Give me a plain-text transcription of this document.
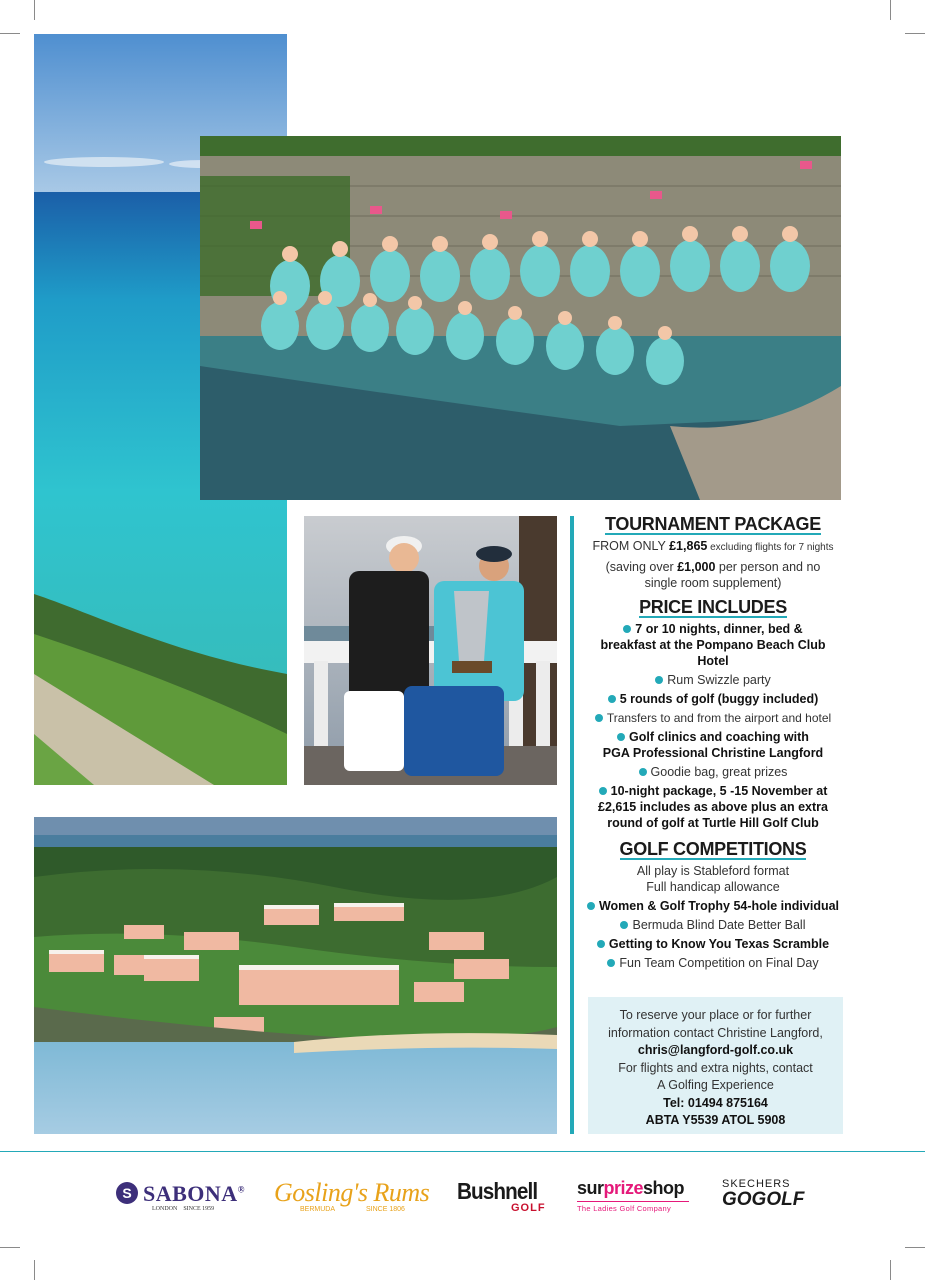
TOURNAMENT PACKAGE
FROM ONLY £1,865 excluding flights for 7 nights
(saving over £1,000 per person and no single room supplement)
PRICE INCLUDES
7 or 10 nights, dinner, bed & breakfast at the Pompano Beach Club Hotel
Rum Swizzle party
5 rounds of golf (buggy included)
Transfers to and from the airport and hotel
Golf clinics and coaching with PGA Professional Christine Langford
Goodie bag, great prizes
10-night package, 5 -15 November at £2,615 includes as above plus an extra round of golf at Turtle Hill Golf Club
GOLF COMPETITIONS
All play is Stableford format
Full handicap allowance
Women & Golf Trophy 54-hole individual
Bermuda Blind Date Better Ball
Getting to Know You Texas Scramble
Fun Team Competition on Final Day
To reserve your place or for further information contact Christine Langford,
chris@langford-golf.co.uk
For flights and extra nights, contact
A Golfing Experience
Tel: 01494 875164
ABTA Y5539 ATOL 5908
S SABONA®
LONDON    SINCE 1959
Gosling's Rums
BERMUDA	SINCE 1806
Bushnell
GOLF
surprizeshop
The Ladies Golf Company
SKECHERS
GOGOLF
